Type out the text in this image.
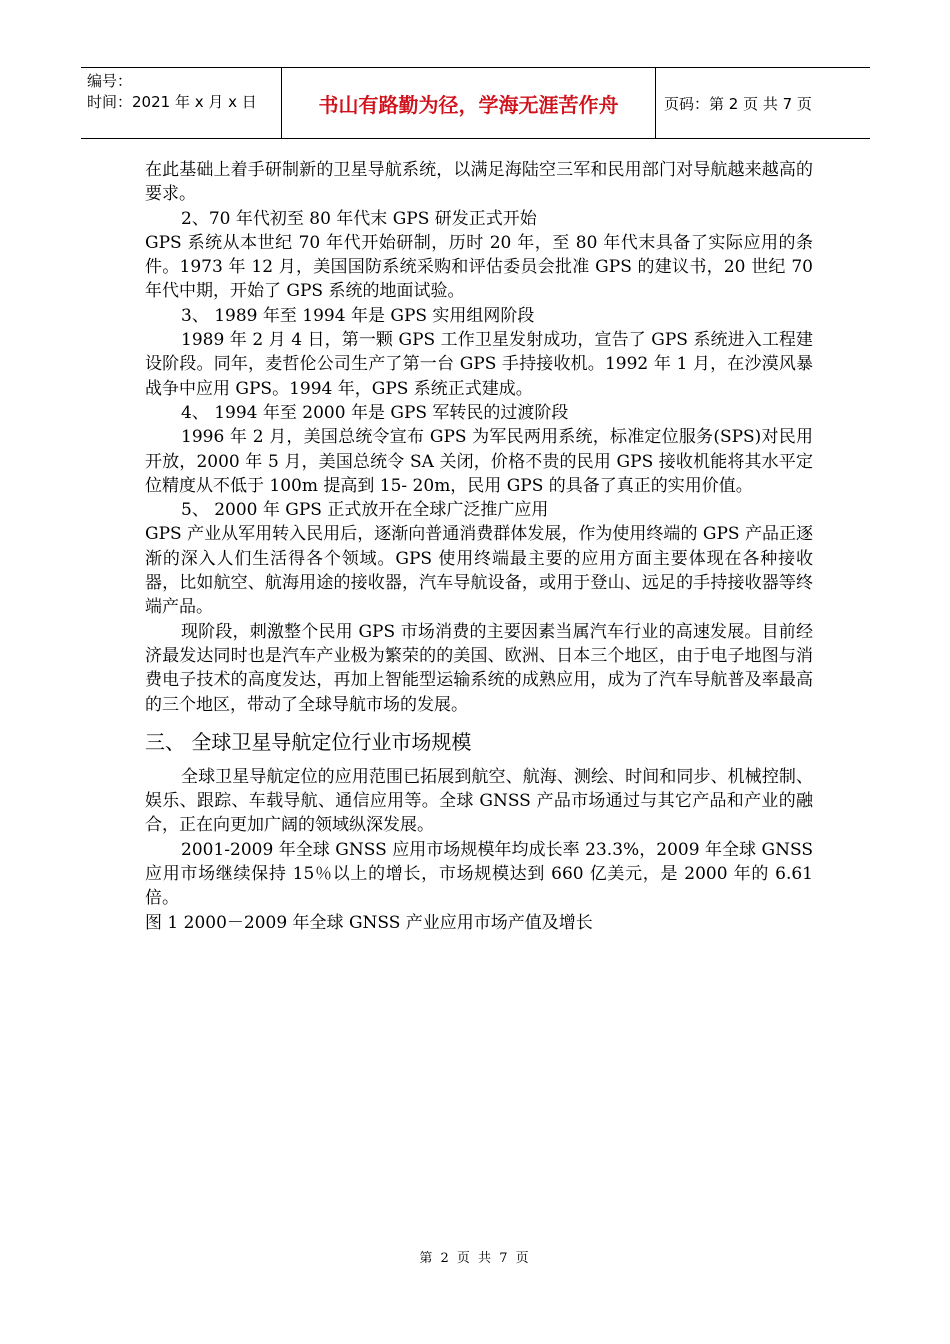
编号：
时间：2021 年 x 月 x 日	书山有路勤为径，学海无涯苦作舟	页码：第 2 页 共 7 页

在此基础上着手研制新的卫星导航系统，以满足海陆空三军和民用部门对导航越来越高的要求。

2、70 年代初至 80 年代末 GPS 研发正式开始

GPS 系统从本世纪 70 年代开始研制，历时 20 年，至 80 年代末具备了实际应用的条件。1973 年 12 月，美国国防系统采购和评估委员会批准 GPS 的建议书，20 世纪 70 年代中期，开始了 GPS 系统的地面试验。

3、 1989 年至 1994 年是 GPS 实用组网阶段

1989 年 2 月 4 日，第一颗 GPS 工作卫星发射成功，宣告了 GPS 系统进入工程建设阶段。同年，麦哲伦公司生产了第一台 GPS 手持接收机。1992 年 1 月，在沙漠风暴战争中应用 GPS。1994 年，GPS 系统正式建成。

4、 1994 年至 2000 年是 GPS 军转民的过渡阶段

1996 年 2 月，美国总统令宣布 GPS 为军民两用系统，标准定位服务(SPS)对民用开放，2000 年 5 月，美国总统令 SA 关闭，价格不贵的民用 GPS 接收机能将其水平定位精度从不低于 100m 提高到 15- 20m，民用 GPS 的具备了真正的实用价值。

5、 2000 年 GPS 正式放开在全球广泛推广应用

GPS 产业从军用转入民用后，逐渐向普通消费群体发展，作为使用终端的 GPS 产品正逐渐的深入人们生活得各个领域。GPS 使用终端最主要的应用方面主要体现在各种接收器，比如航空、航海用途的接收器，汽车导航设备，或用于登山、远足的手持接收器等终端产品。

现阶段，刺激整个民用 GPS 市场消费的主要因素当属汽车行业的高速发展。目前经济最发达同时也是汽车产业极为繁荣的的美国、欧洲、日本三个地区，由于电子地图与消费电子技术的高度发达，再加上智能型运输系统的成熟应用，成为了汽车导航普及率最高的三个地区，带动了全球导航市场的发展。

三、 全球卫星导航定位行业市场规模

全球卫星导航定位的应用范围已拓展到航空、航海、测绘、时间和同步、机械控制、娱乐、跟踪、车载导航、通信应用等。全球 GNSS 产品市场通过与其它产品和产业的融合，正在向更加广阔的领域纵深发展。

2001-2009 年全球 GNSS 应用市场规模年均成长率 23.3%，2009 年全球 GNSS 应用市场继续保持 15％以上的增长，市场规模达到 660 亿美元，是 2000 年的 6.61 倍。

图 1 2000－2009 年全球 GNSS 产业应用市场产值及增长

第 2 页 共 7 页
